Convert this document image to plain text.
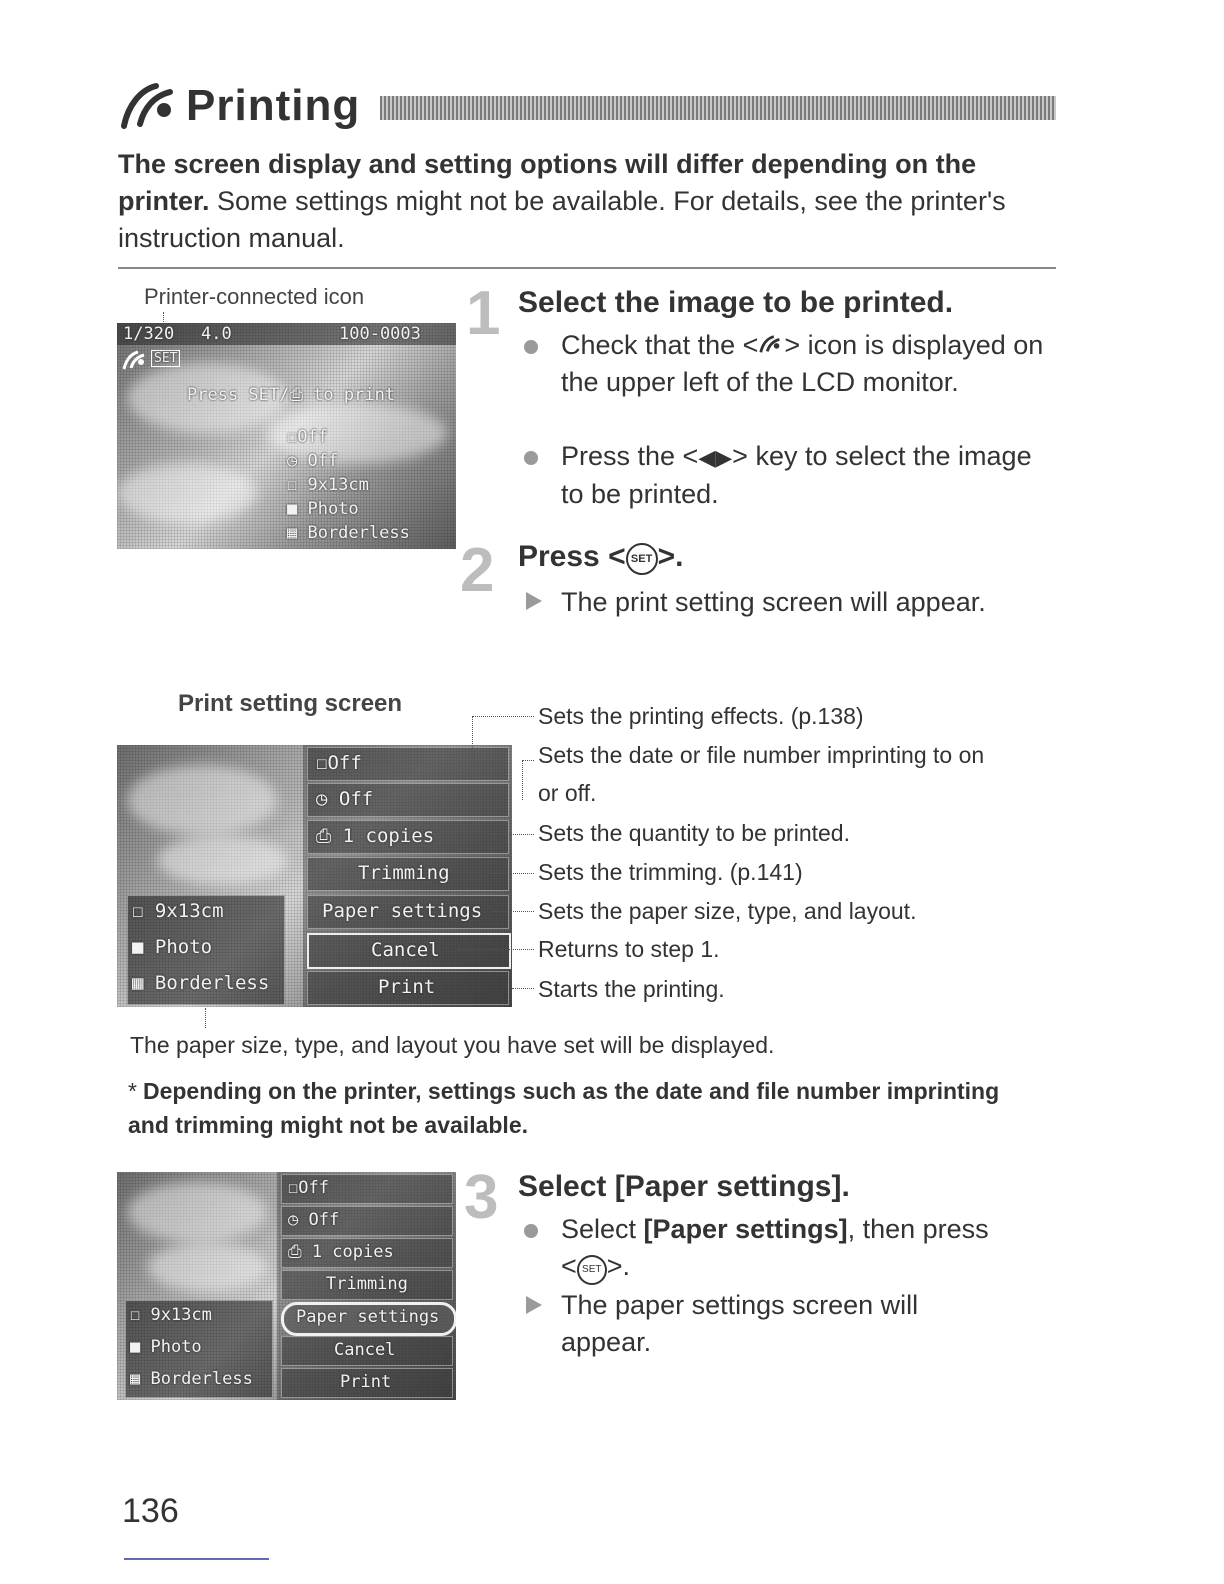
Printing
The screen display and setting options will differ depending on the printer. Some settings might not be available. For details, see the printer's instruction manual.
Printer-connected icon
1/320 4.0	100-0003
SET
Press SET/⎙ to print
☐Off
◷ Off
☐ 9x13cm
■ Photo
▦ Borderless
1 Select the image to be printed.
Check that the < > icon is displayed on the upper left of the LCD monitor.
Press the <◀▶> key to select the image to be printed.
2 Press < SET >.
The print setting screen will appear.
Print setting screen
☐Off
◷ Off
⎙ 1 copies
Trimming
Paper settings
Cancel
Print
☐ 9x13cm
■ Photo
▦ Borderless
Sets the printing effects. (p.138)
Sets the date or file number imprinting to on
or off.
Sets the quantity to be printed.
Sets the trimming. (p.141)
Sets the paper size, type, and layout.
Returns to step 1.
Starts the printing.
The paper size, type, and layout you have set will be displayed.
* Depending on the printer, settings such as the date and file number imprinting and trimming might not be available.
☐Off
◷ Off
⎙ 1 copies
Trimming
Paper settings
Cancel
Print
☐ 9x13cm
■ Photo
▦ Borderless
3 Select [Paper settings].
Select [Paper settings], then press
< SET >.
The paper settings screen will appear.
136
